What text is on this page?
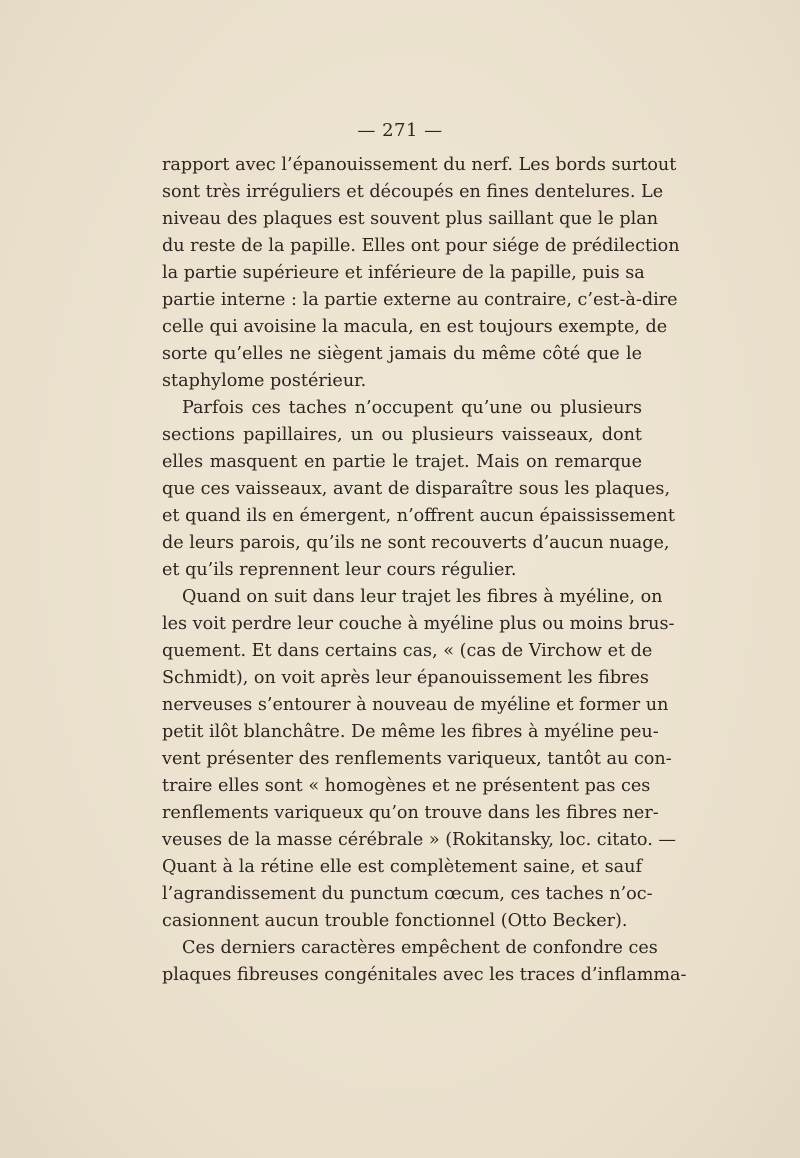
— 271 —
rapport avec l’épanouissement du nerf. Les bords surtout
sont très irréguliers et découpés en fines dentelures. Le
niveau des plaques est souvent plus saillant que le plan
du reste de la papille. Elles ont pour siége de prédilection
la partie supérieure et inférieure de la papille, puis sa
partie interne : la partie externe au contraire, c’est-à-dire
celle qui avoisine la macula, en est toujours exempte, de
sorte qu’elles ne siègent jamais du même côté que le
staphylome postérieur.
Parfois ces taches n’occupent qu’une ou plusieurs
sections papillaires, un ou plusieurs vaisseaux, dont
elles masquent en partie le trajet. Mais on remarque
que ces vaisseaux, avant de disparaître sous les plaques,
et quand ils en émergent, n’offrent aucun épaississement
de leurs parois, qu’ils ne sont recouverts d’aucun nuage,
et qu’ils reprennent leur cours régulier.
Quand on suit dans leur trajet les fibres à myéline, on
les voit perdre leur couche à myéline plus ou moins brus-
quement. Et dans certains cas, « (cas de Virchow et de
Schmidt), on voit après leur épanouissement les fibres
nerveuses s’entourer à nouveau de myéline et former un
petit ilôt blanchâtre. De même les fibres à myéline peu-
vent présenter des renflements variqueux, tantôt au con-
traire elles sont « homogènes et ne présentent pas ces
renflements variqueux qu’on trouve dans les fibres ner-
veuses de la masse cérébrale » (Rokitansky, loc. citato. —
Quant à la rétine elle est complètement saine, et sauf
l’agrandissement du punctum cœcum, ces taches n’oc-
casionnent aucun trouble fonctionnel (Otto Becker).
Ces derniers caractères empêchent de confondre ces
plaques fibreuses congénitales avec les traces d’inflamma-
